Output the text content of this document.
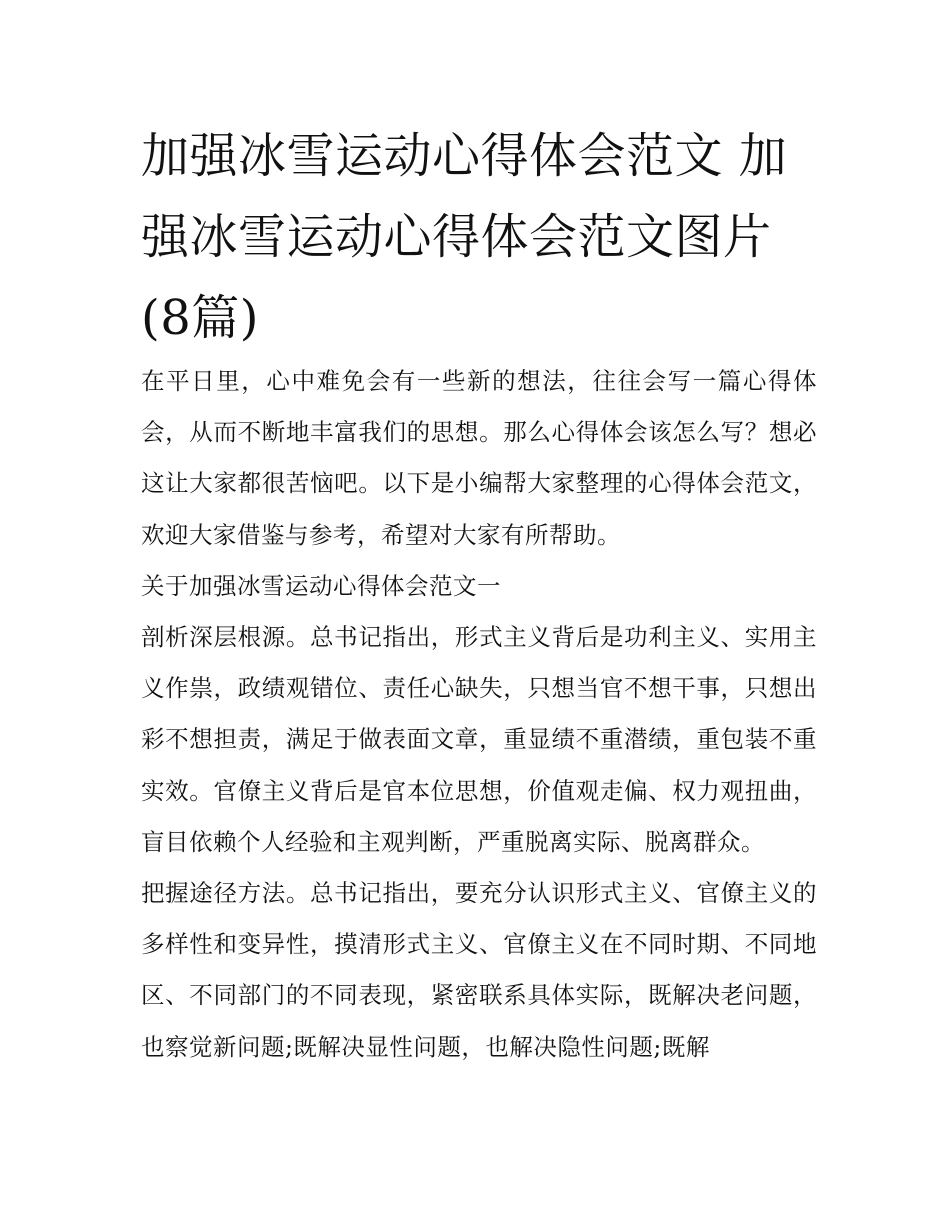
加强冰雪运动心得体会范文 加强冰雪运动心得体会范文图片(8篇)

在平日里，心中难免会有一些新的想法，往往会写一篇心得体会，从而不断地丰富我们的思想。那么心得体会该怎么写？想必这让大家都很苦恼吧。以下是小编帮大家整理的心得体会范文，欢迎大家借鉴与参考，希望对大家有所帮助。

关于加强冰雪运动心得体会范文一

剖析深层根源。总书记指出，形式主义背后是功利主义、实用主义作祟，政绩观错位、责任心缺失，只想当官不想干事，只想出彩不想担责，满足于做表面文章，重显绩不重潜绩，重包装不重实效。官僚主义背后是官本位思想，价值观走偏、权力观扭曲，盲目依赖个人经验和主观判断，严重脱离实际、脱离群众。

把握途径方法。总书记指出，要充分认识形式主义、官僚主义的多样性和变异性，摸清形式主义、官僚主义在不同时期、不同地区、不同部门的不同表现，紧密联系具体实际，既解决老问题，也察觉新问题;既解决显性问题，也解决隐性问题;既解
